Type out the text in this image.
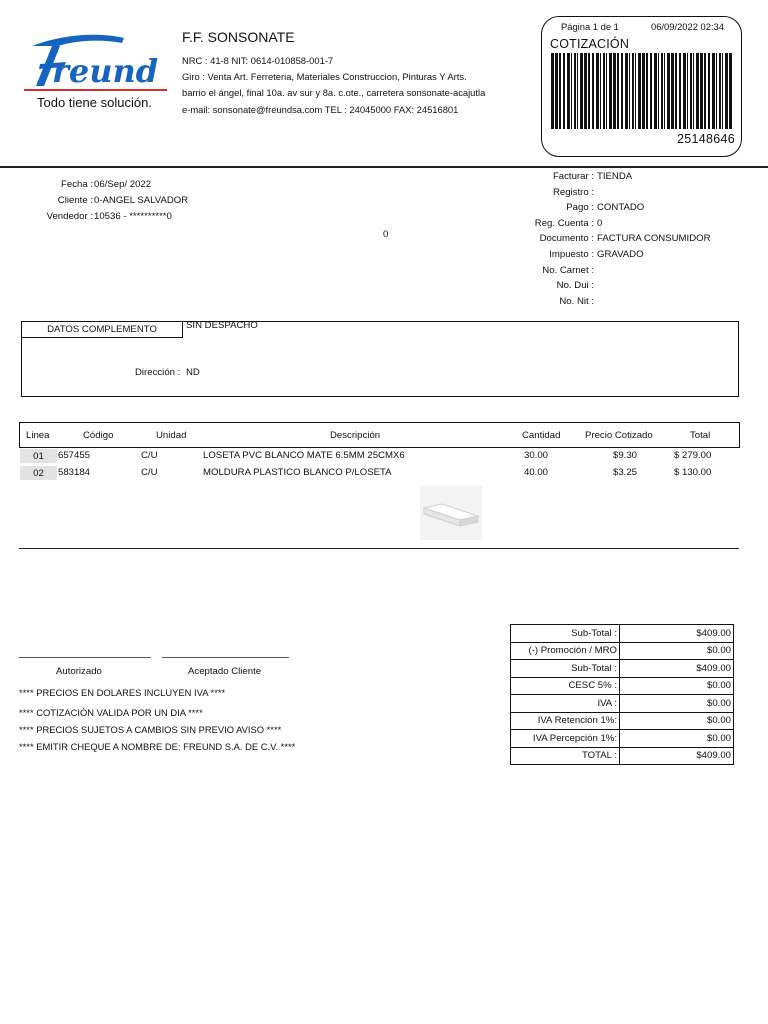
reund
Todo tiene solución.
F.F. SONSONATE
NRC : 41-8 NIT: 0614-010858-001-7
Giro : Venta Art. Ferreteria, Materiales Construccion, Pinturas Y Arts.
barrio el ángel, final 10a. av sur y 8a. c.ote., carretera sonsonate-acajutla
e-mail: sonsonate@freundsa.com TEL : 24045000 FAX: 24516801
Página 1 de 1	06/09/2022 02:34
COTIZACIÓN
25148646
Fecha : 06/Sep/ 2022
Cliente : 0-ANGEL SALVADOR
Vendedor : 10536 - **********0
0
Facturar : TIENDA
Registro :
Pago : CONTADO
Reg. Cuenta : 0
Documento : FACTURA CONSUMIDOR
Impuesto : GRAVADO
No. Carnet :
No. Dui :
No. Nit :
DATOS COMPLEMENTO	SIN DESPACHO
Dirección : ND
Linea	Código	Unidad	Descripción	Cantidad	Precio Cotizado	Total
01	657455	C/U	LOSETA PVC BLANCO MATE 6.5MM 25CMX6	30.00	$9.30	$ 279.00
02	583184	C/U	MOLDURA PLASTICO BLANCO P/LOSETA	40.00	$3.25	$ 130.00
Autorizado	Aceptado Cliente
**** PRECIOS EN DOLARES INCLUYEN IVA ****
**** COTIZACIÓN VALIDA POR UN DIA ****
**** PRECIOS SUJETOS A CAMBIOS SIN PREVIO AVISO ****
**** EMITIR CHEQUE A NOMBRE DE: FREUND S.A. DE C.V. ****
Sub-Total :	$409.00
(-) Promoción / MRO	$0.00
Sub-Total :	$409.00
CESC 5% :	$0.00
IVA :	$0.00
IVA Retención 1%:	$0.00
IVA Percepción 1%:	$0.00
TOTAL :	$409.00
